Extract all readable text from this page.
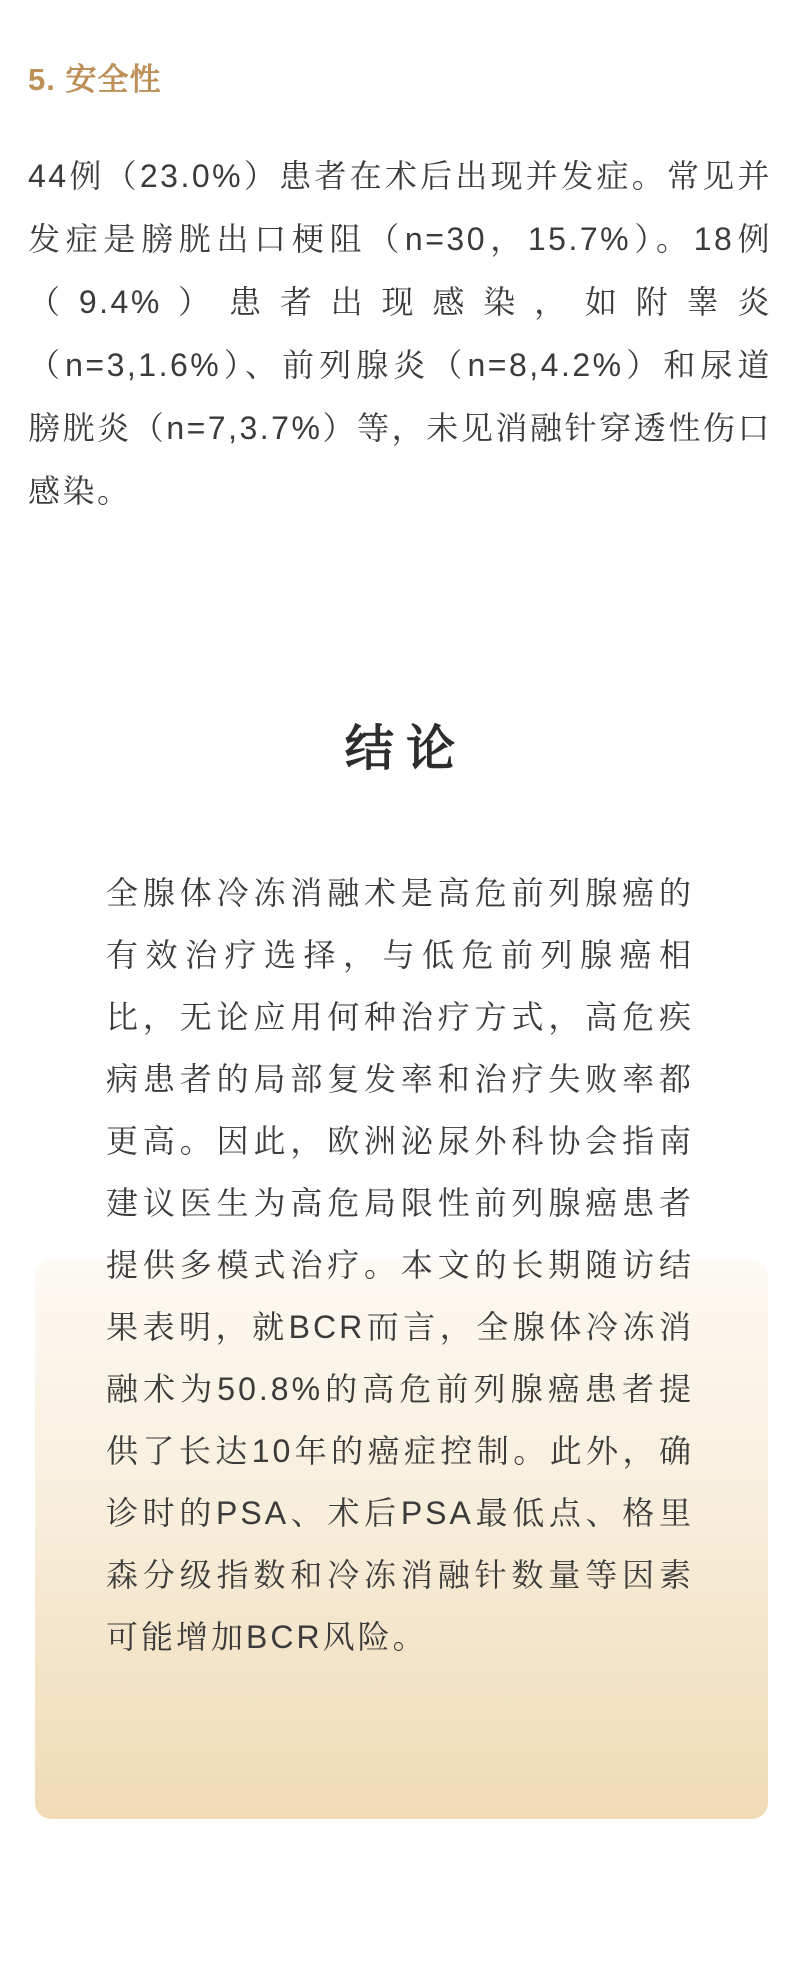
5. 安全性

44例（23.0%）患者在术后出现并发症。常见并发症是膀胱出口梗阻（n=30，15.7%）。18例（9.4%）患者出现感染，如附睾炎（n=3,1.6%）、前列腺炎（n=8,4.2%）和尿道膀胱炎（n=7,3.7%）等，未见消融针穿透性伤口感染。

结 论

全腺体冷冻消融术是高危前列腺癌的有效治疗选择，与低危前列腺癌相比，无论应用何种治疗方式，高危疾病患者的局部复发率和治疗失败率都更高。因此，欧洲泌尿外科协会指南建议医生为高危局限性前列腺癌患者提供多模式治疗。本文的长期随访结果表明，就BCR而言，全腺体冷冻消融术为50.8%的高危前列腺癌患者提供了长达10年的癌症控制。此外，确诊时的PSA、术后PSA最低点、格里森分级指数和冷冻消融针数量等因素可能增加BCR风险。
